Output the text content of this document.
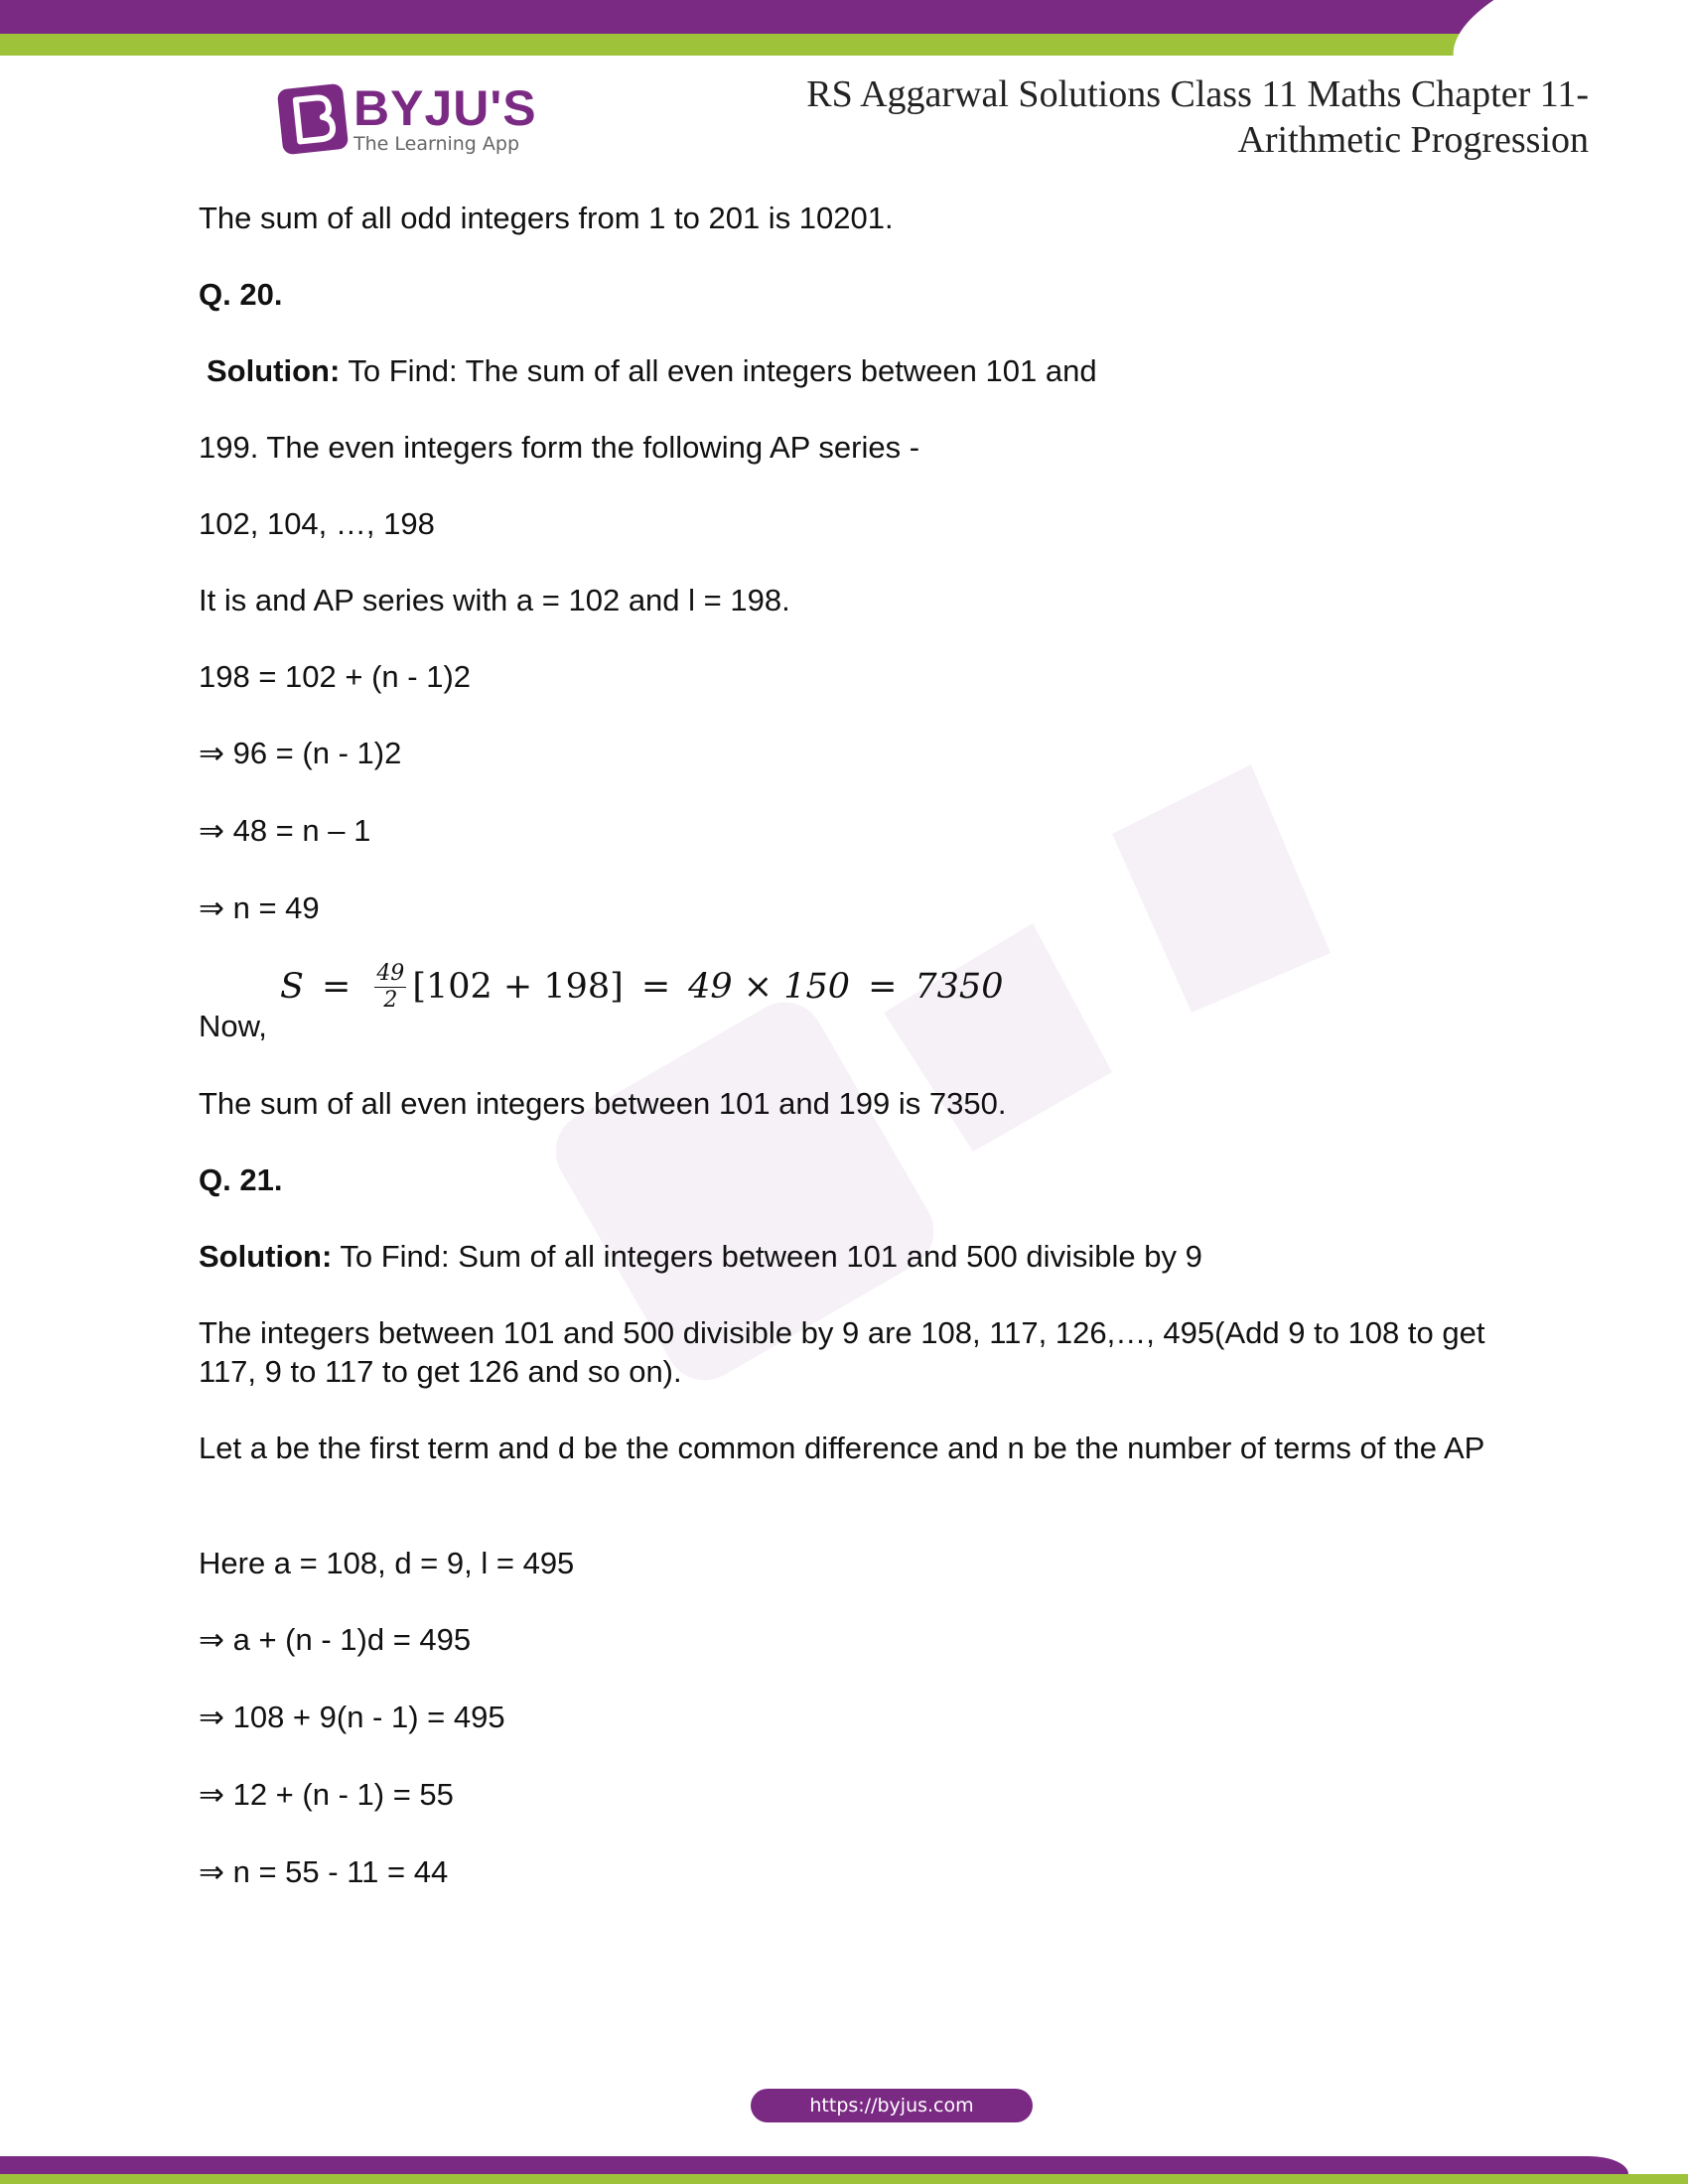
BYJU'S
The Learning App
RS Aggarwal Solutions Class 11 Maths Chapter 11-
Arithmetic Progression

The sum of all odd integers from 1 to 201 is 10201.

Q. 20.

Solution: To Find: The sum of all even integers between 101 and

199. The even integers form the following AP series -

102, 104, …, 198

It is and AP series with a = 102 and l = 198.

198 = 102 + (n - 1)2

⇒ 96 = (n - 1)2

⇒ 48 = n – 1

⇒ n = 49

Now,
$S = \frac{49}{2} [102 + 198] = 49 \times 150 = 7350$

The sum of all even integers between 101 and 199 is 7350.

Q. 21.

Solution: To Find: Sum of all integers between 101 and 500 divisible by 9

The integers between 101 and 500 divisible by 9 are 108, 117, 126,…, 495(Add 9 to 108 to get 117, 9 to 117 to get 126 and so on).

Let a be the first term and d be the common difference and n be the number of terms of the AP

Here a = 108, d = 9, l = 495

⇒ a + (n - 1)d = 495

⇒ 108 + 9(n - 1) = 495

⇒ 12 + (n - 1) = 55

⇒ n = 55 - 11 = 44

https://byjus.com
